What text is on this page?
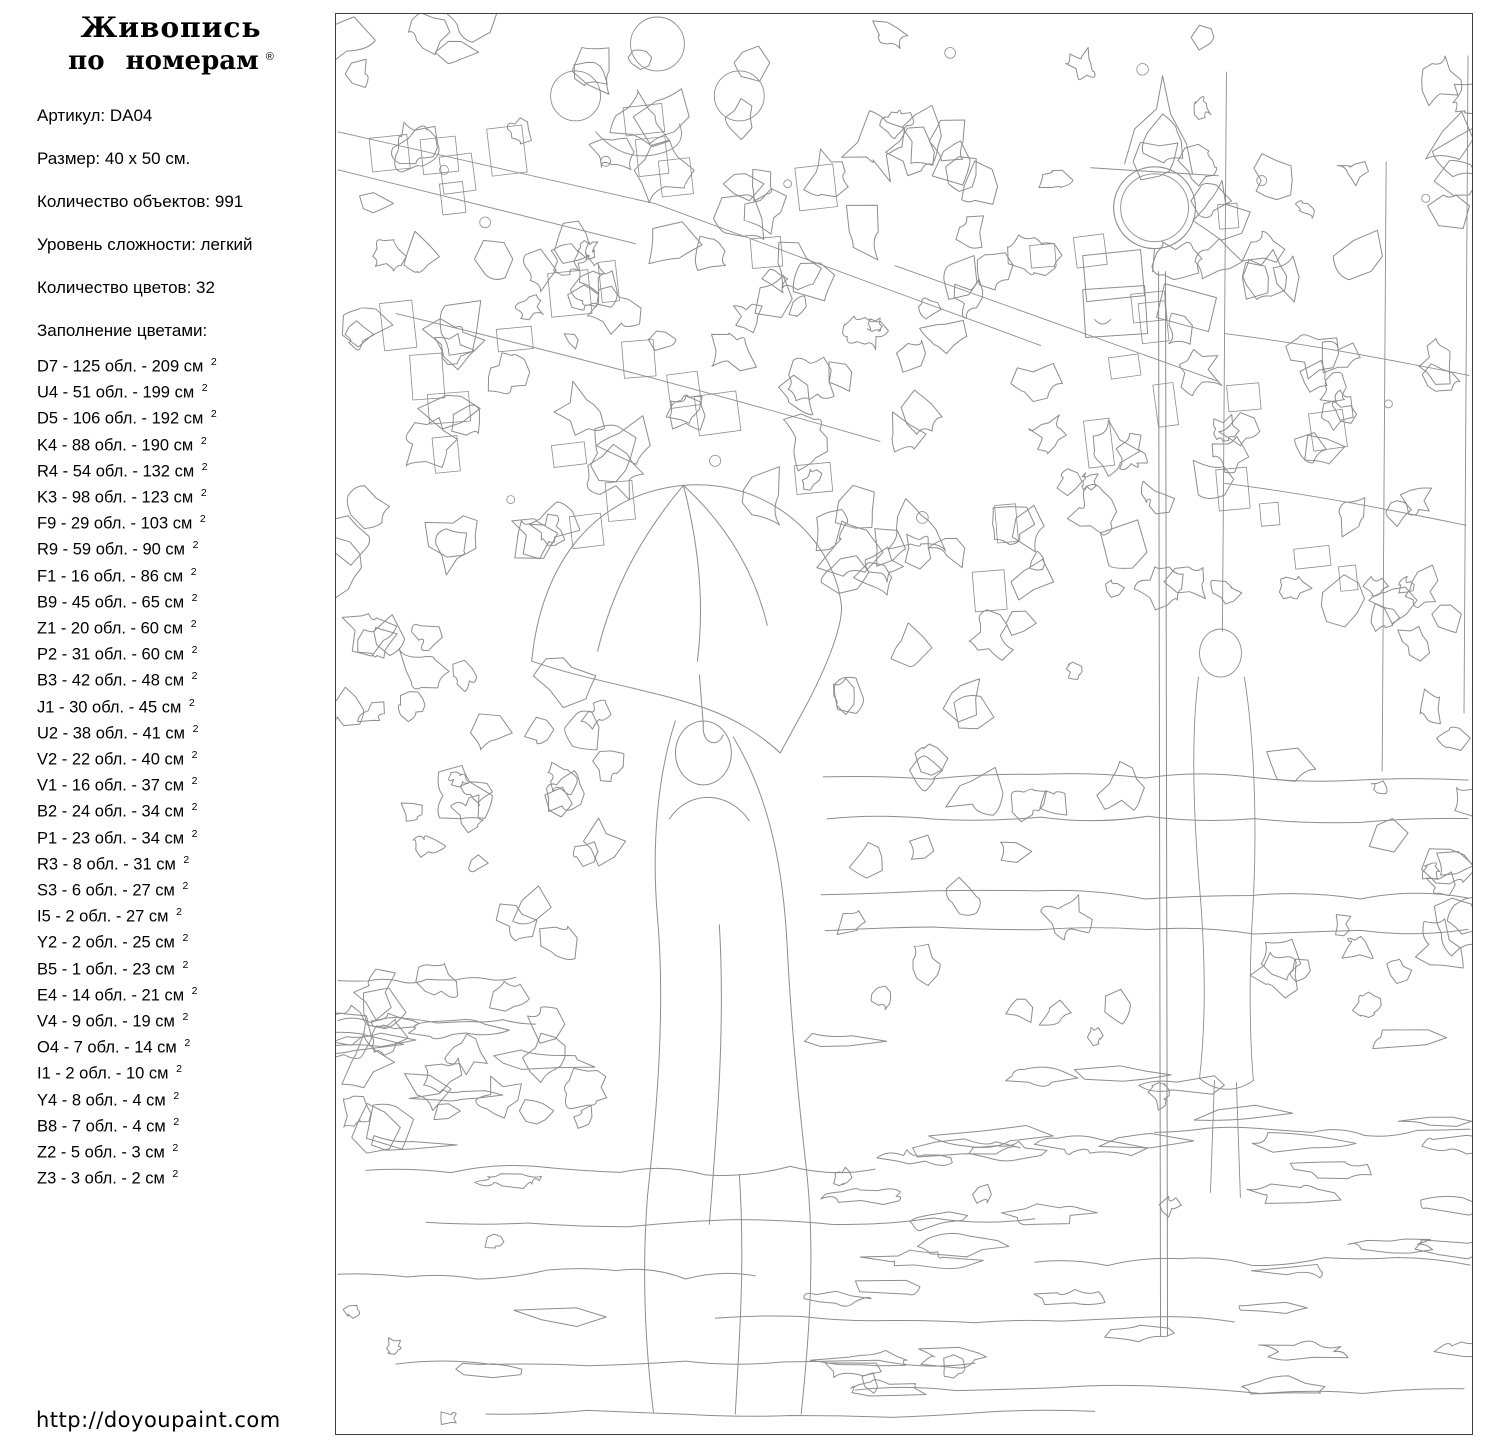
Живопись
по номерам ®

Артикул: DA04

Размер: 40 х 50 см.

Количество объектов: 991

Уровень сложности: легкий

Количество цветов: 32

Заполнение цветами:

D7 - 125 обл. - 209 см $^2$
U4 - 51 обл. - 199 см $^2$
D5 - 106 обл. - 192 см $^2$
K4 - 88 обл. - 190 см $^2$
R4 - 54 обл. - 132 см $^2$
K3 - 98 обл. - 123 см $^2$
F9 - 29 обл. - 103 см $^2$
R9 - 59 обл. - 90 см $^2$
F1 - 16 обл. - 86 см $^2$
B9 - 45 обл. - 65 см $^2$
Z1 - 20 обл. - 60 см $^2$
P2 - 31 обл. - 60 см $^2$
B3 - 42 обл. - 48 см $^2$
J1 - 30 обл. - 45 см $^2$
U2 - 38 обл. - 41 см $^2$
V2 - 22 обл. - 40 см $^2$
V1 - 16 обл. - 37 см $^2$
B2 - 24 обл. - 34 см $^2$
P1 - 23 обл. - 34 см $^2$
R3 - 8 обл. - 31 см $^2$
S3 - 6 обл. - 27 см $^2$
I5 - 2 обл. - 27 см $^2$
Y2 - 2 обл. - 25 см $^2$
B5 - 1 обл. - 23 см $^2$
E4 - 14 обл. - 21 см $^2$
V4 - 9 обл. - 19 см $^2$
O4 - 7 обл. - 14 см $^2$
I1 - 2 обл. - 10 см $^2$
Y4 - 8 обл. - 4 см $^2$
B8 - 7 обл. - 4 см $^2$
Z2 - 5 обл. - 3 см $^2$
Z3 - 3 обл. - 2 см $^2$
http://doyoupaint.com
